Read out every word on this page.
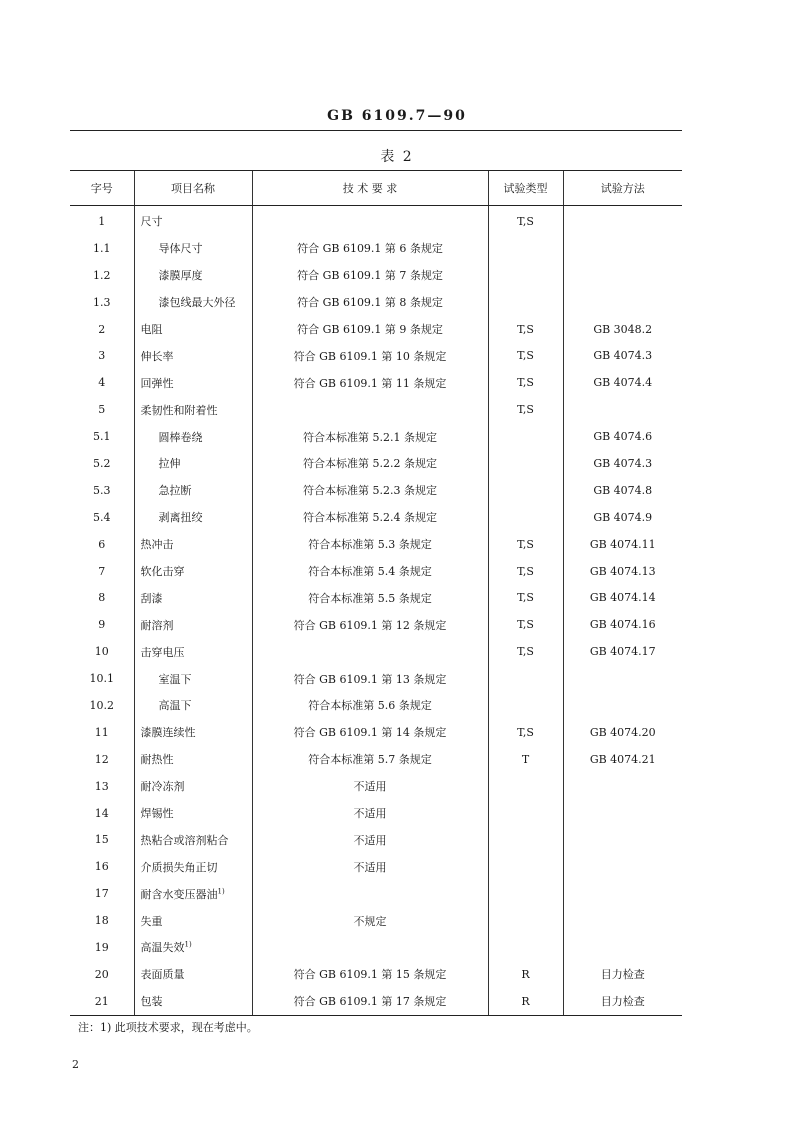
GB 6109.7—90
表 2
字号	项目名称	技 术 要 求	试验类型	试验方法
1	尺寸		T,S	
1.1	导体尺寸	符合 GB 6109.1 第 6 条规定		
1.2	漆膜厚度	符合 GB 6109.1 第 7 条规定		
1.3	漆包线最大外径	符合 GB 6109.1 第 8 条规定		
2	电阻	符合 GB 6109.1 第 9 条规定	T,S	GB 3048.2
3	伸长率	符合 GB 6109.1 第 10 条规定	T,S	GB 4074.3
4	回弹性	符合 GB 6109.1 第 11 条规定	T,S	GB 4074.4
5	柔韧性和附着性		T,S	
5.1	圆棒卷绕	符合本标准第 5.2.1 条规定		GB 4074.6
5.2	拉伸	符合本标准第 5.2.2 条规定		GB 4074.3
5.3	急拉断	符合本标准第 5.2.3 条规定		GB 4074.8
5.4	剥离扭绞	符合本标准第 5.2.4 条规定		GB 4074.9
6	热冲击	符合本标准第 5.3 条规定	T,S	GB 4074.11
7	软化击穿	符合本标准第 5.4 条规定	T,S	GB 4074.13
8	刮漆	符合本标准第 5.5 条规定	T,S	GB 4074.14
9	耐溶剂	符合 GB 6109.1 第 12 条规定	T,S	GB 4074.16
10	击穿电压		T,S	GB 4074.17
10.1	室温下	符合 GB 6109.1 第 13 条规定		
10.2	高温下	符合本标准第 5.6 条规定		
11	漆膜连续性	符合 GB 6109.1 第 14 条规定	T,S	GB 4074.20
12	耐热性	符合本标准第 5.7 条规定	T	GB 4074.21
13	耐冷冻剂	不适用		
14	焊锡性	不适用		
15	热粘合或溶剂粘合	不适用		
16	介质损失角正切	不适用		
17	耐含水变压器油$^{1)}$			
18	失重	不规定		
19	高温失效$^{1)}$			
20	表面质量	符合 GB 6109.1 第 15 条规定	R	目力检查
21	包装	符合 GB 6109.1 第 17 条规定	R	目力检查
注：1) 此项技术要求，现在考虑中。
2
